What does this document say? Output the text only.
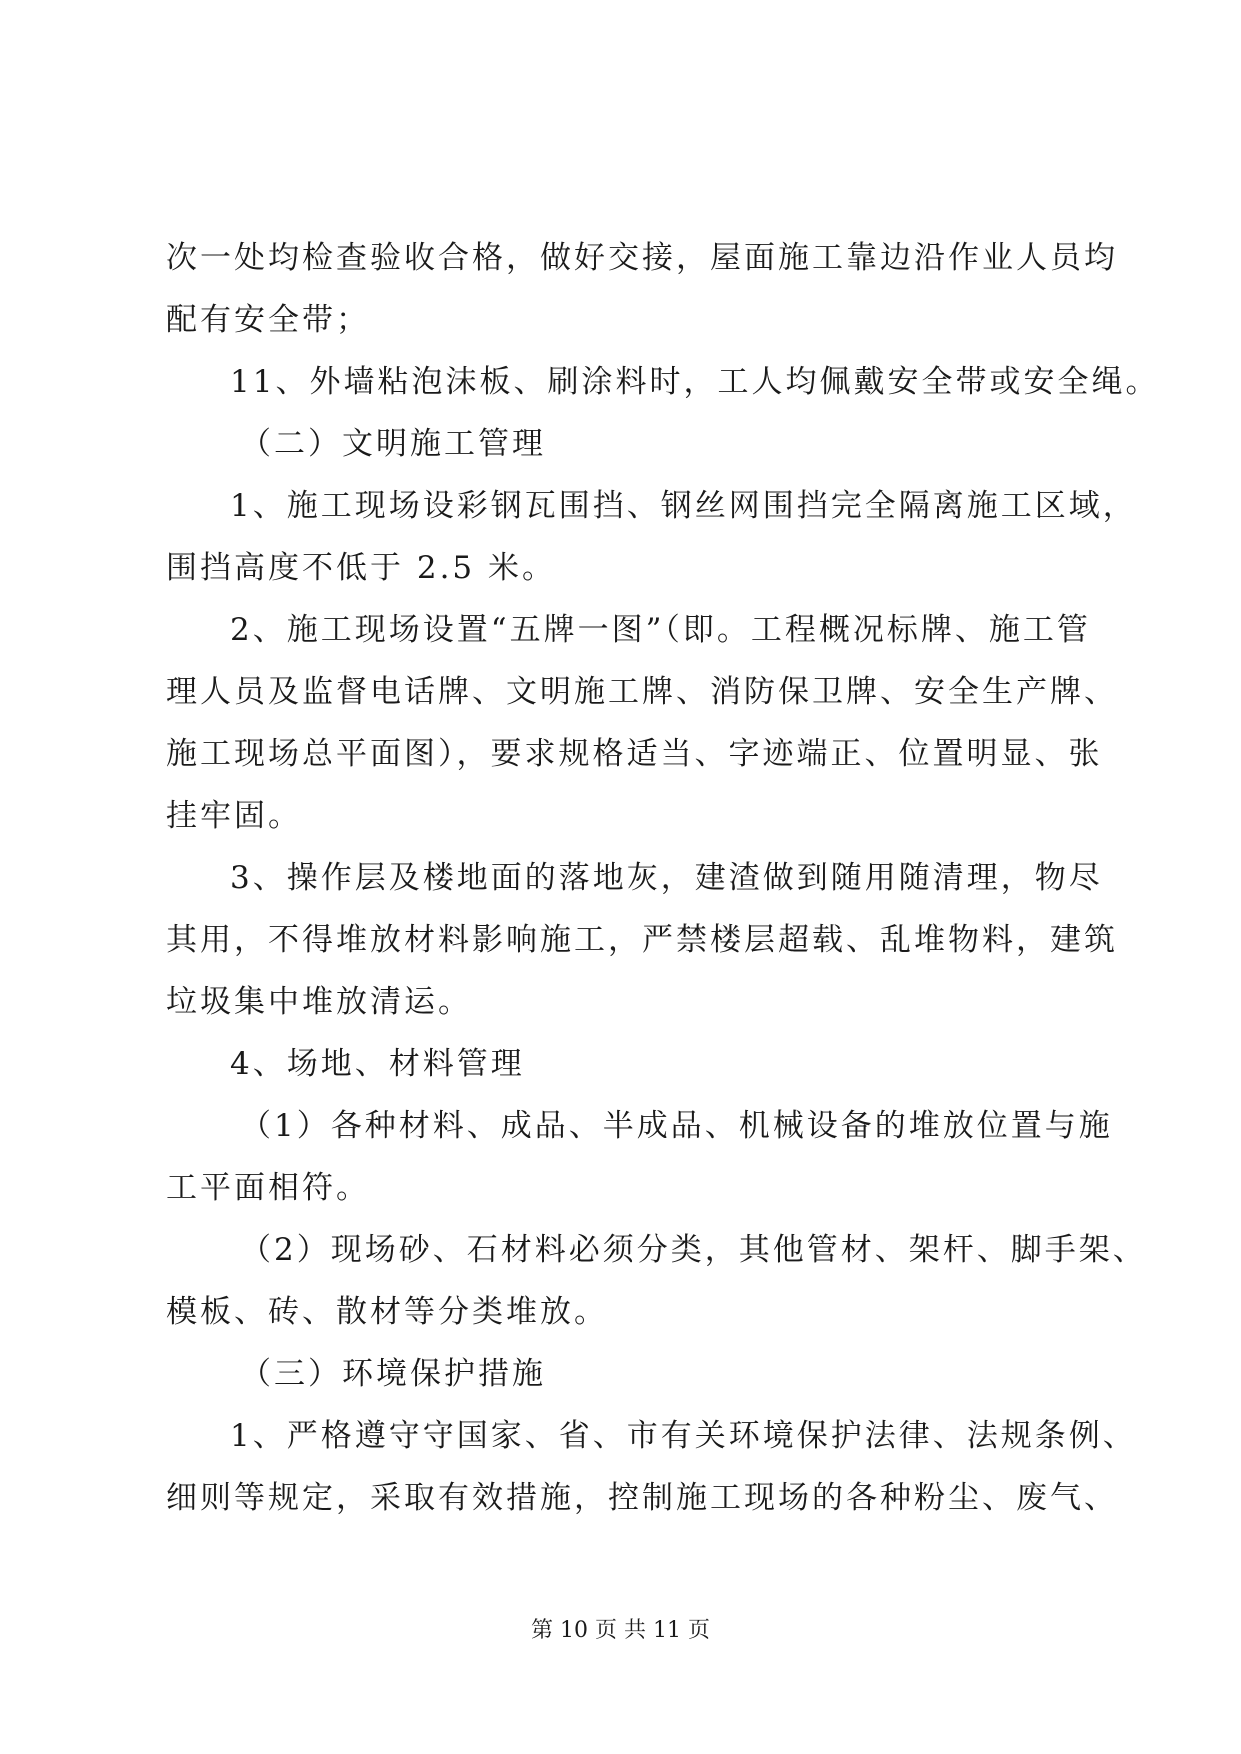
次一处均检查验收合格，做好交接，屋面施工靠边沿作业人员均
配有安全带；
11、外墙粘泡沫板、刷涂料时，工人均佩戴安全带或安全绳。
（二）文明施工管理
1、施工现场设彩钢瓦围挡、钢丝网围挡完全隔离施工区域，
围挡高度不低于 2.5 米。
2、施工现场设置“五牌一图”（即。工程概况标牌、施工管
理人员及监督电话牌、文明施工牌、消防保卫牌、安全生产牌、
施工现场总平面图），要求规格适当、字迹端正、位置明显、张
挂牢固。
3、操作层及楼地面的落地灰，建渣做到随用随清理，物尽
其用，不得堆放材料影响施工，严禁楼层超载、乱堆物料，建筑
垃圾集中堆放清运。
4、场地、材料管理
（1）各种材料、成品、半成品、机械设备的堆放位置与施
工平面相符。
（2）现场砂、石材料必须分类，其他管材、架杆、脚手架、
模板、砖、散材等分类堆放。
（三）环境保护措施
1、严格遵守守国家、省、市有关环境保护法律、法规条例、
细则等规定，采取有效措施，控制施工现场的各种粉尘、废气、
第 10 页 共 11 页
